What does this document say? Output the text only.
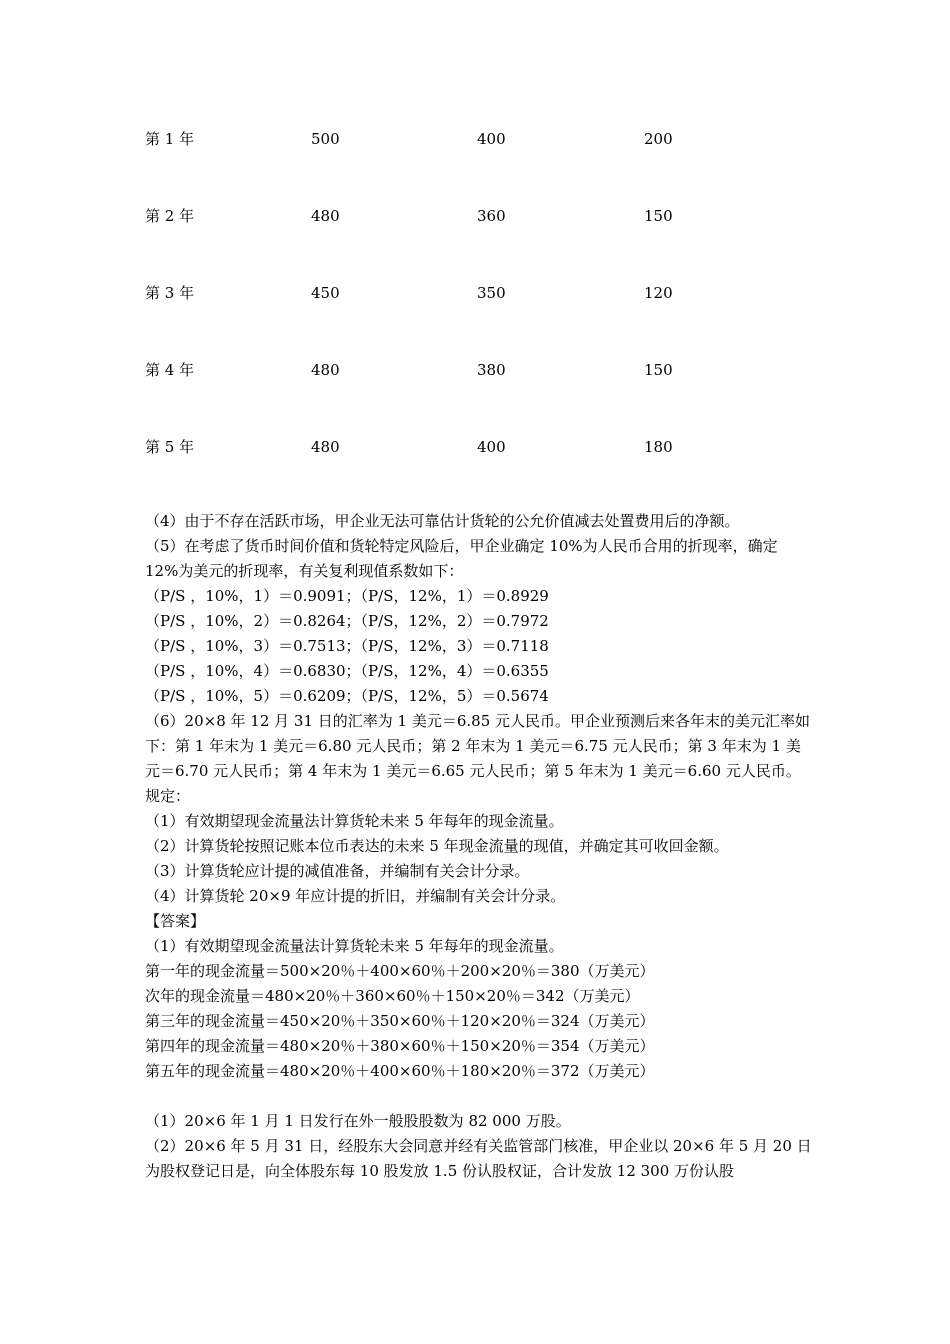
第 1 年	500	400	200
第 2 年	480	360	150
第 3 年	450	350	120
第 4 年	480	380	150
第 5 年	480	400	180

（4）由于不存在活跃市场，甲企业无法可靠估计货轮的公允价值减去处置费用后的净额。

（5）在考虑了货币时间价值和货轮特定风险后，甲企业确定 10%为人民币合用的折现率，确定 12%为美元的折现率，有关复利现值系数如下：

（P/S ，10%，1）＝0.9091；（P/S，12%，1）＝0.8929

（P/S ，10%，2）＝0.8264；（P/S，12%，2）＝0.7972

（P/S ，10%，3）＝0.7513；（P/S，12%，3）＝0.7118

（P/S ，10%，4）＝0.6830；（P/S，12%，4）＝0.6355

（P/S ，10%，5）＝0.6209；（P/S，12%，5）＝0.5674

（6）20×8 年 12 月 31 日的汇率为 1 美元＝6.85 元人民币。甲企业预测后来各年末的美元汇率如下：第 1 年末为 1 美元＝6.80 元人民币；第 2 年末为 1 美元＝6.75 元人民币；第 3 年末为 1 美元＝6.70 元人民币；第 4 年末为 1 美元＝6.65 元人民币；第 5 年末为 1 美元＝6.60 元人民币。

规定：

（1）有效期望现金流量法计算货轮未来 5 年每年的现金流量。

（2）计算货轮按照记账本位币表达的未来 5 年现金流量的现值，并确定其可收回金额。

（3）计算货轮应计提的减值准备，并编制有关会计分录。

（4）计算货轮 20×9 年应计提的折旧，并编制有关会计分录。

【答案】

（1）有效期望现金流量法计算货轮未来 5 年每年的现金流量。

第一年的现金流量＝500×20％＋400×60％＋200×20％＝380（万美元）

次年的现金流量＝480×20％＋360×60％＋150×20％＝342（万美元）

第三年的现金流量＝450×20％＋350×60％＋120×20％＝324（万美元）

第四年的现金流量＝480×20％＋380×60％＋150×20％＝354（万美元）

第五年的现金流量＝480×20％＋400×60％＋180×20％＝372（万美元）

（1）20×6 年 1 月 1 日发行在外一般股股数为 82 000 万股。

（2）20×6 年 5 月 31 日，经股东大会同意并经有关监管部门核准，甲企业以 20×6 年 5 月 20 日为股权登记日是，向全体股东每 10 股发放 1.5 份认股权证，合计发放 12 300 万份认股
